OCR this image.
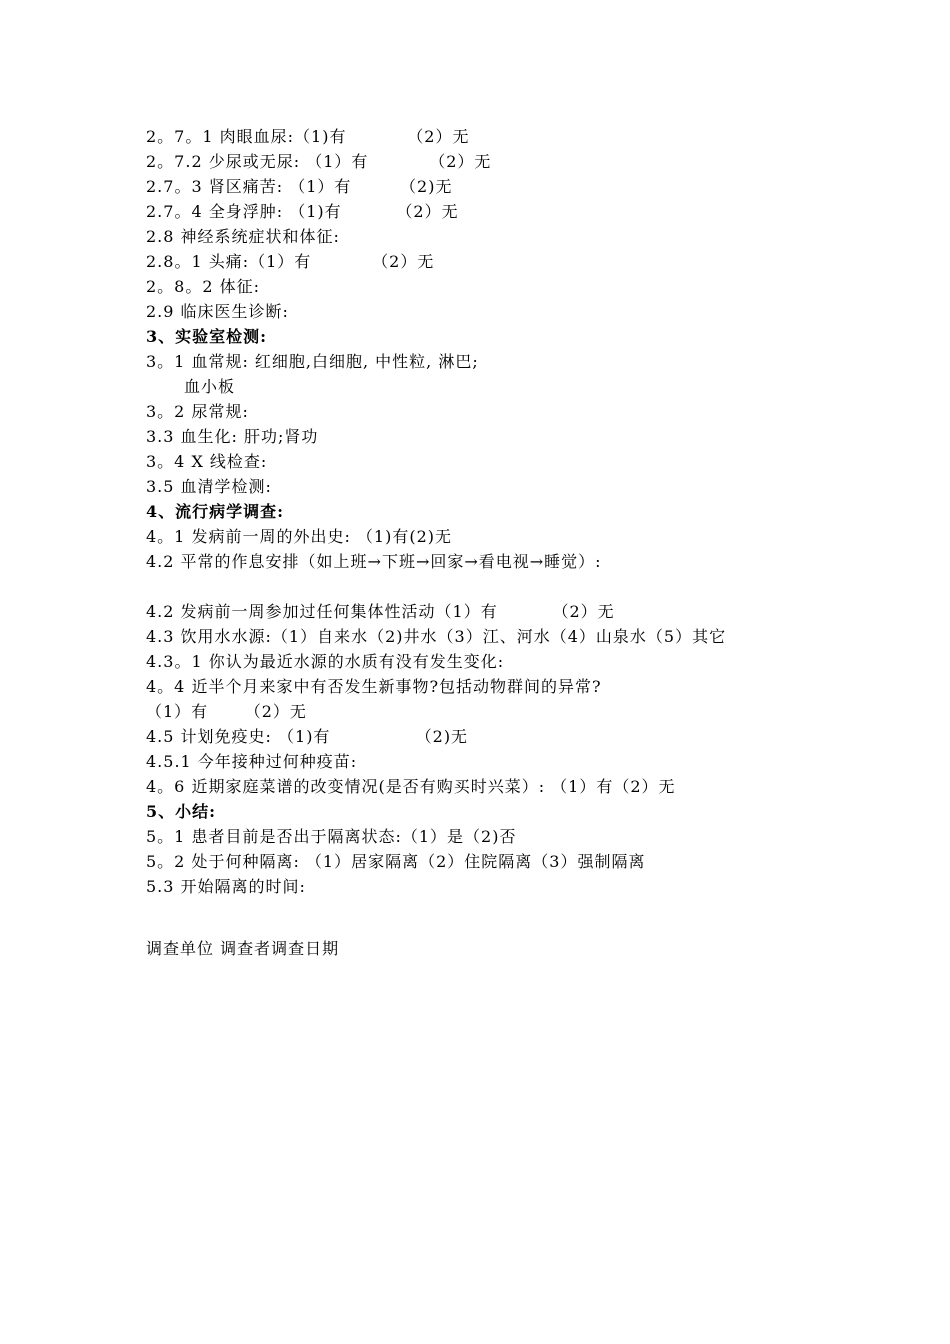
2。7。1 肉眼血尿:（1)有          （2）无
2。7.2 少尿或无尿: （1）有          （2）无
2.7。3 肾区痛苦: （1）有        （2)无
2.7。4 全身浮肿: （1)有         （2）无
2.8 神经系统症状和体征:
2.8。1 头痛:（1）有          （2）无
2。8。2 体征:
2.9 临床医生诊断:
3、实验室检测:
3。1 血常规: 红细胞,白细胞, 中性粒, 淋巴;
血小板
3。2 尿常规:
3.3 血生化: 肝功;肾功
3。4 X 线检查:
3.5 血清学检测:
4、流行病学调查:
4。1 发病前一周的外出史: （1)有(2)无
4.2 平常的作息安排（如上班→下班→回家→看电视→睡觉）:
4.2 发病前一周参加过任何集体性活动（1）有         （2）无
4.3 饮用水水源:（1）自来水（2)井水（3）江、河水（4）山泉水（5）其它
4.3。1 你认为最近水源的水质有没有发生变化:
4。4 近半个月来家中有否发生新事物?包括动物群间的异常?
（1）有      （2）无
4.5 计划免疫史: （1)有              （2)无
4.5.1 今年接种过何种疫苗:
4。6 近期家庭菜谱的改变情况(是否有购买时兴菜）: （1）有（2）无
5、小结:
5。1 患者目前是否出于隔离状态:（1）是（2)否
5。2 处于何种隔离: （1）居家隔离（2）住院隔离（3）强制隔离
5.3 开始隔离的时间:
调查单位 调查者调查日期
